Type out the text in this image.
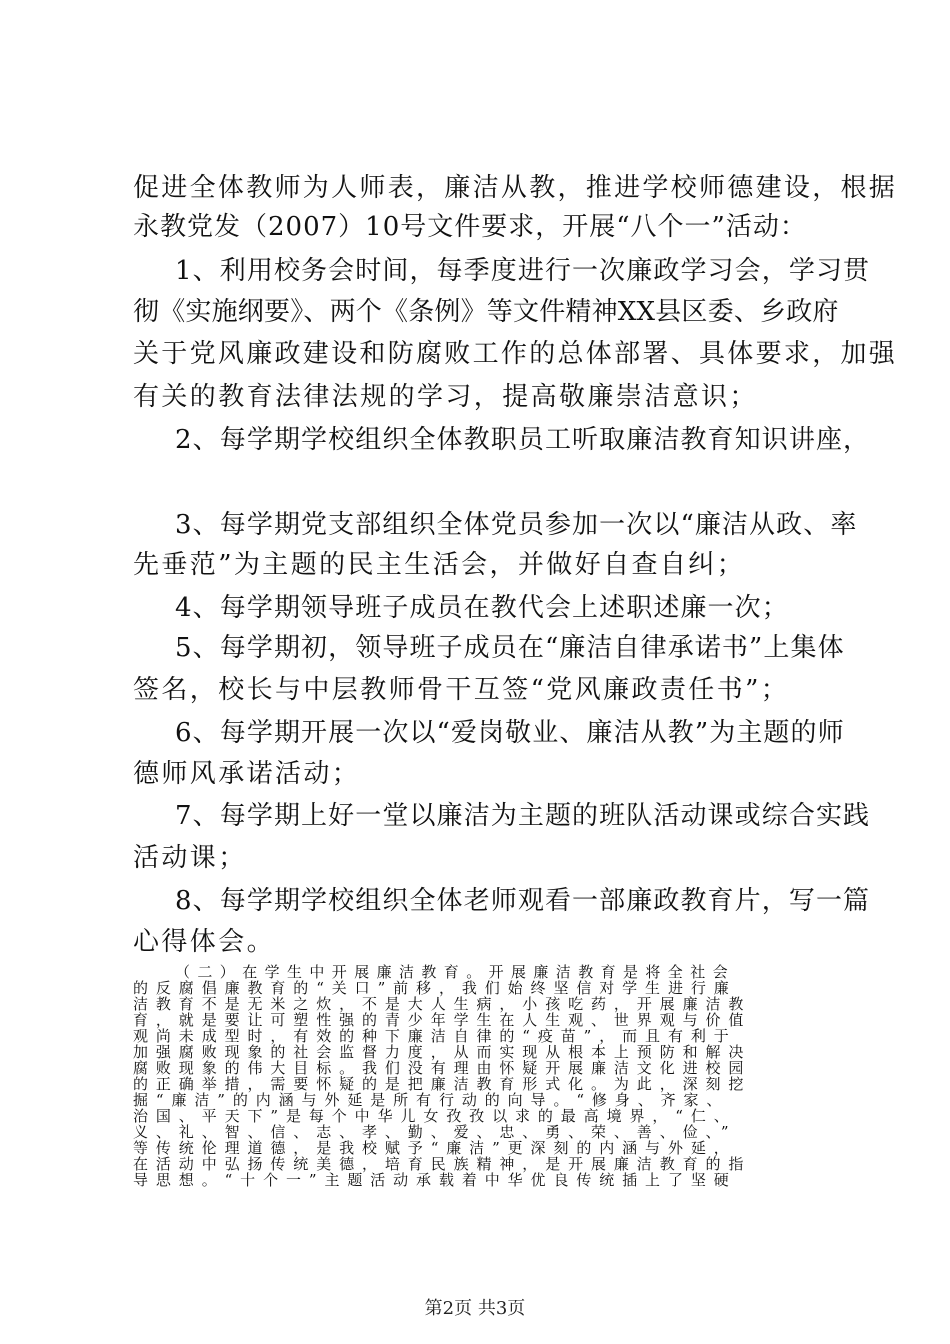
促进全体教师为人师表，廉洁从教，推进学校师德建设，根据
永教党发（2007）10号文件要求，开展“八个一”活动：
1、利用校务会时间，每季度进行一次廉政学习会，学习贯
彻《实施纲要》、两个《条例》等文件精神XX县区委、乡政府
关于党风廉政建设和防腐败工作的总体部署、具体要求，加强
有关的教育法律法规的学习，提高敬廉崇洁意识；
2、每学期学校组织全体教职员工听取廉洁教育知识讲座，
3、每学期党支部组织全体党员参加一次以“廉洁从政、率
先垂范”为主题的民主生活会，并做好自查自纠；
4、每学期领导班子成员在教代会上述职述廉一次；
5、每学期初，领导班子成员在“廉洁自律承诺书”上集体
签名，校长与中层教师骨干互签“党风廉政责任书”；
6、每学期开展一次以“爱岗敬业、廉洁从教”为主题的师
德师风承诺活动；
7、每学期上好一堂以廉洁为主题的班队活动课或综合实践
活动课；
8、每学期学校组织全体老师观看一部廉政教育片，写一篇
心得体会。
（二）在学生中开展廉洁教育。开展廉洁教育是将全社会
的反腐倡廉教育的“关口”前移，我们始终坚信对学生进行廉
洁教育不是无米之炊，不是大人生病，小孩吃药，开展廉洁教
育，就是要让可塑性强的青少年学生在人生观、世界观与价值
观尚未成型时，有效的种下廉洁自律的“疫苗”，而且有利于
加强腐败现象的社会监督力度，从而实现从根本上预防和解决
腐败现象的伟大目标。我们没有理由怀疑开展廉洁文化进校园
的正确举措，需要怀疑的是把廉洁教育形式化。为此，深刻挖
第2页 共3页
掘“廉洁”的内涵与外延是所有行动的向导。“修身、齐家、
治国、平天下”是每个中华儿女孜孜以求的最高境界，“仁、
义、礼、智、信、志、孝、勤、爱、忠、勇、荣、善、俭、”
等传统伦理道德，是我校赋予“廉洁”更深刻的内涵与外延，
在活动中弘扬传统美德，培育民族精神，是开展廉洁教育的指
导思想。“十个一”主题活动承载着中华优良传统插上了坚硬
